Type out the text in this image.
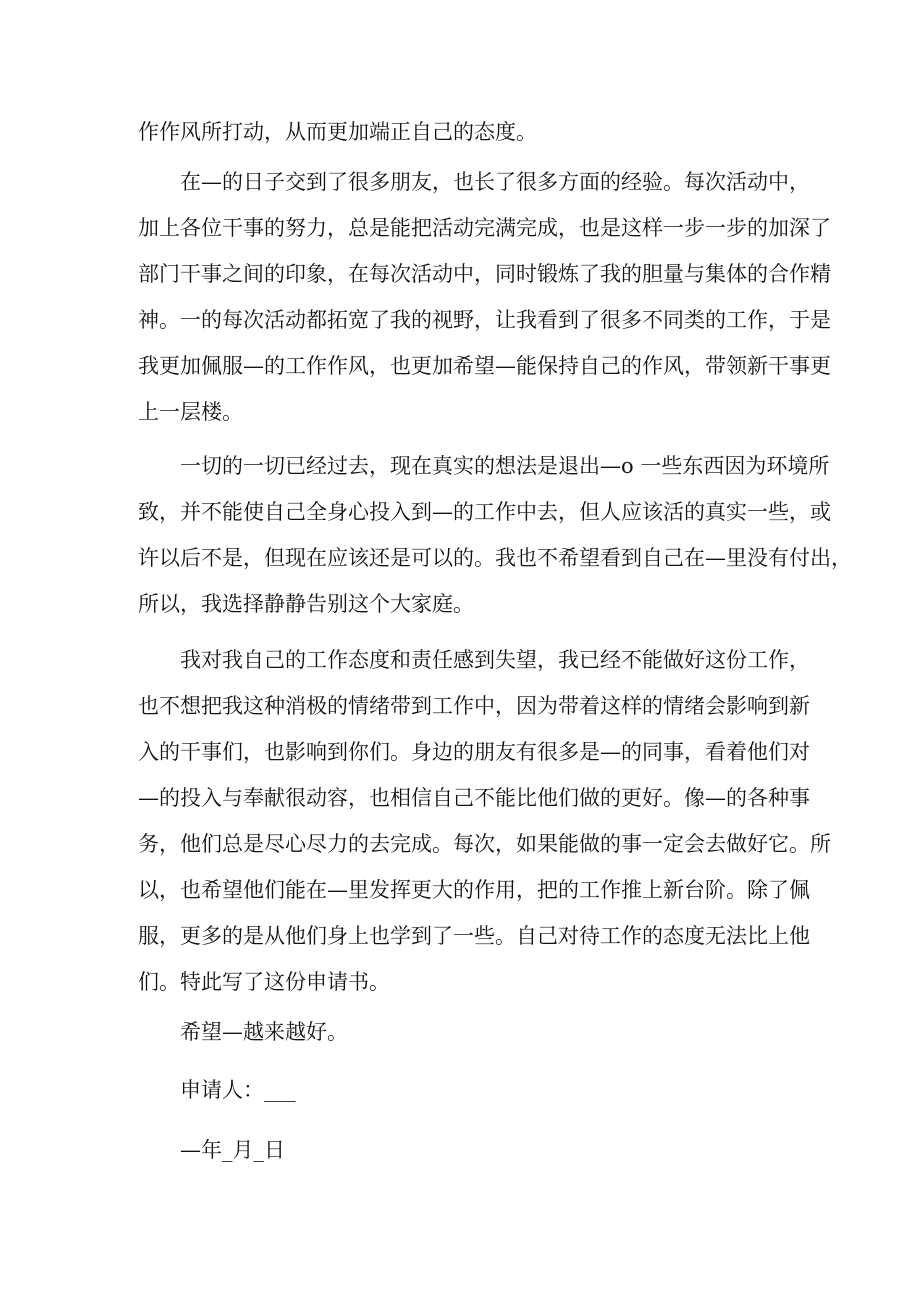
作作风所打动，从而更加端正自己的态度。
在—的日子交到了很多朋友，也长了很多方面的经验。每次活动中，
加上各位干事的努力，总是能把活动完满完成，也是这样一步一步的加深了
部门干事之间的印象，在每次活动中，同时锻炼了我的胆量与集体的合作精
神。一的每次活动都拓宽了我的视野，让我看到了很多不同类的工作，于是
我更加佩服—的工作作风，也更加希望—能保持自己的作风，带领新干事更
上一层楼。
一切的一切已经过去，现在真实的想法是退出—o 一些东西因为环境所
致，并不能使自己全身心投入到—的工作中去，但人应该活的真实一些，或
许以后不是，但现在应该还是可以的。我也不希望看到自己在—里没有付出，
所以，我选择静静告别这个大家庭。
我对我自己的工作态度和责任感到失望，我已经不能做好这份工作，
也不想把我这种消极的情绪带到工作中，因为带着这样的情绪会影响到新
入的干事们，也影响到你们。身边的朋友有很多是—的同事，看着他们对
—的投入与奉献很动容，也相信自己不能比他们做的更好。像—的各种事
务，他们总是尽心尽力的去完成。每次，如果能做的事一定会去做好它。所
以，也希望他们能在—里发挥更大的作用，把的工作推上新台阶。除了佩
服，更多的是从他们身上也学到了一些。自己对待工作的态度无法比上他
们。特此写了这份申请书。
希望—越来越好。
申请人：___
—年_月_日
